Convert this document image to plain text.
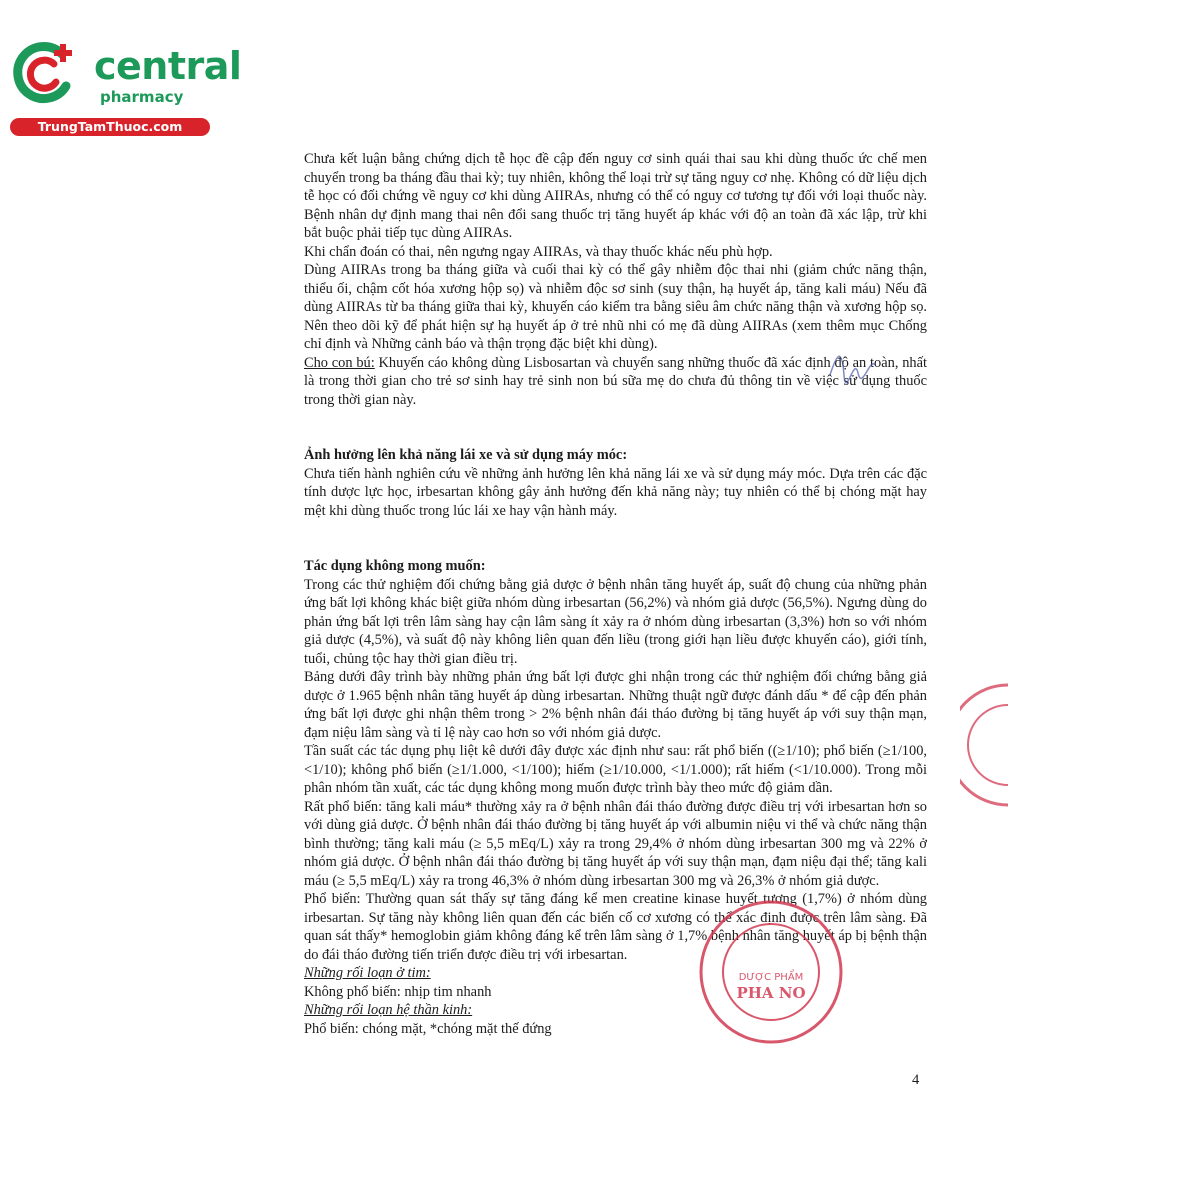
central
pharmacy
TrungTamThuoc.com

Chưa kết luận bằng chứng dịch tễ học đề cập đến nguy cơ sinh quái thai sau khi dùng thuốc ức chế men chuyển trong ba tháng đầu thai kỳ; tuy nhiên, không thể loại trừ sự tăng nguy cơ nhẹ. Không có dữ liệu dịch tễ học có đối chứng về nguy cơ khi dùng AIIRAs, nhưng có thể có nguy cơ tương tự đối với loại thuốc này. Bệnh nhân dự định mang thai nên đổi sang thuốc trị tăng huyết áp khác với độ an toàn đã xác lập, trừ khi bắt buộc phải tiếp tục dùng AIIRAs.

Khi chẩn đoán có thai, nên ngưng ngay AIIRAs, và thay thuốc khác nếu phù hợp.

Dùng AIIRAs trong ba tháng giữa và cuối thai kỳ có thể gây nhiễm độc thai nhi (giảm chức năng thận, thiểu ối, chậm cốt hóa xương hộp sọ) và nhiễm độc sơ sinh (suy thận, hạ huyết áp, tăng kali máu) Nếu đã dùng AIIRAs từ ba tháng giữa thai kỳ, khuyến cáo kiểm tra bằng siêu âm chức năng thận và xương hộp sọ. Nên theo dõi kỹ để phát hiện sự hạ huyết áp ở trẻ nhũ nhi có mẹ đã dùng AIIRAs (xem thêm mục Chống chỉ định và Những cảnh báo và thận trọng đặc biệt khi dùng).

Cho con bú: Khuyến cáo không dùng Lisbosartan và chuyển sang những thuốc đã xác định độ an toàn, nhất là trong thời gian cho trẻ sơ sinh hay trẻ sinh non bú sữa mẹ do chưa đủ thông tin về việc sử dụng thuốc trong thời gian này.

Ảnh hưởng lên khả năng lái xe và sử dụng máy móc:

Chưa tiến hành nghiên cứu về những ảnh hưởng lên khả năng lái xe và sử dụng máy móc. Dựa trên các đặc tính dược lực học, irbesartan không gây ảnh hưởng đến khả năng này; tuy nhiên có thể bị chóng mặt hay mệt khi dùng thuốc trong lúc lái xe hay vận hành máy.

Tác dụng không mong muốn:

Trong các thử nghiệm đối chứng bằng giả dược ở bệnh nhân tăng huyết áp, suất độ chung của những phản ứng bất lợi không khác biệt giữa nhóm dùng irbesartan (56,2%) và nhóm giả dược (56,5%). Ngưng dùng do phản ứng bất lợi trên lâm sàng hay cận lâm sàng ít xảy ra ở nhóm dùng irbesartan (3,3%) hơn so với nhóm giả dược (4,5%), và suất độ này không liên quan đến liều (trong giới hạn liều được khuyến cáo), giới tính, tuổi, chủng tộc hay thời gian điều trị.

Bảng dưới đây trình bày những phản ứng bất lợi được ghi nhận trong các thử nghiệm đối chứng bằng giả dược ở 1.965 bệnh nhân tăng huyết áp dùng irbesartan. Những thuật ngữ được đánh dấu * để cập đến phản ứng bất lợi được ghi nhận thêm trong > 2% bệnh nhân đái tháo đường bị tăng huyết áp với suy thận mạn, đạm niệu lâm sàng và tỉ lệ này cao hơn so với nhóm giả dược.

Tần suất các tác dụng phụ liệt kê dưới đây được xác định như sau: rất phổ biến ((≥1/10); phổ biến (≥1/100, <1/10); không phổ biến (≥1/1.000, <1/100); hiếm (≥1/10.000, <1/1.000); rất hiếm (<1/10.000). Trong mỗi phân nhóm tần xuất, các tác dụng không mong muốn được trình bày theo mức độ giảm dần.

Rất phổ biến: tăng kali máu* thường xảy ra ở bệnh nhân đái tháo đường được điều trị với irbesartan hơn so với dùng giả dược. Ở bệnh nhân đái tháo đường bị tăng huyết áp với albumin niệu vi thể và chức năng thận bình thường; tăng kali máu (≥ 5,5 mEq/L) xảy ra trong 29,4% ở nhóm dùng irbesartan 300 mg và 22% ở nhóm giả dược. Ở bệnh nhân đái tháo đường bị tăng huyết áp với suy thận mạn, đạm niệu đại thể; tăng kali máu (≥ 5,5 mEq/L) xảy ra trong 46,3% ở nhóm dùng irbesartan 300 mg và 26,3% ở nhóm giả dược.

Phổ biến: Thường quan sát thấy sự tăng đáng kể men creatine kinase huyết tương (1,7%) ở nhóm dùng irbesartan. Sự tăng này không liên quan đến các biến cố cơ xương có thể xác định được trên lâm sàng. Đã quan sát thấy* hemoglobin giảm không đáng kể trên lâm sàng ở 1,7% bệnh nhân tăng huyết áp bị bệnh thận do đái tháo đường tiến triển được điều trị với irbesartan.

Những rối loạn ở tim:

Không phổ biến: nhịp tim nhanh

Những rối loạn hệ thần kinh:

Phổ biến: chóng mặt, *chóng mặt thế đứng

DƯỢC PHẨM
PHA NO
4
